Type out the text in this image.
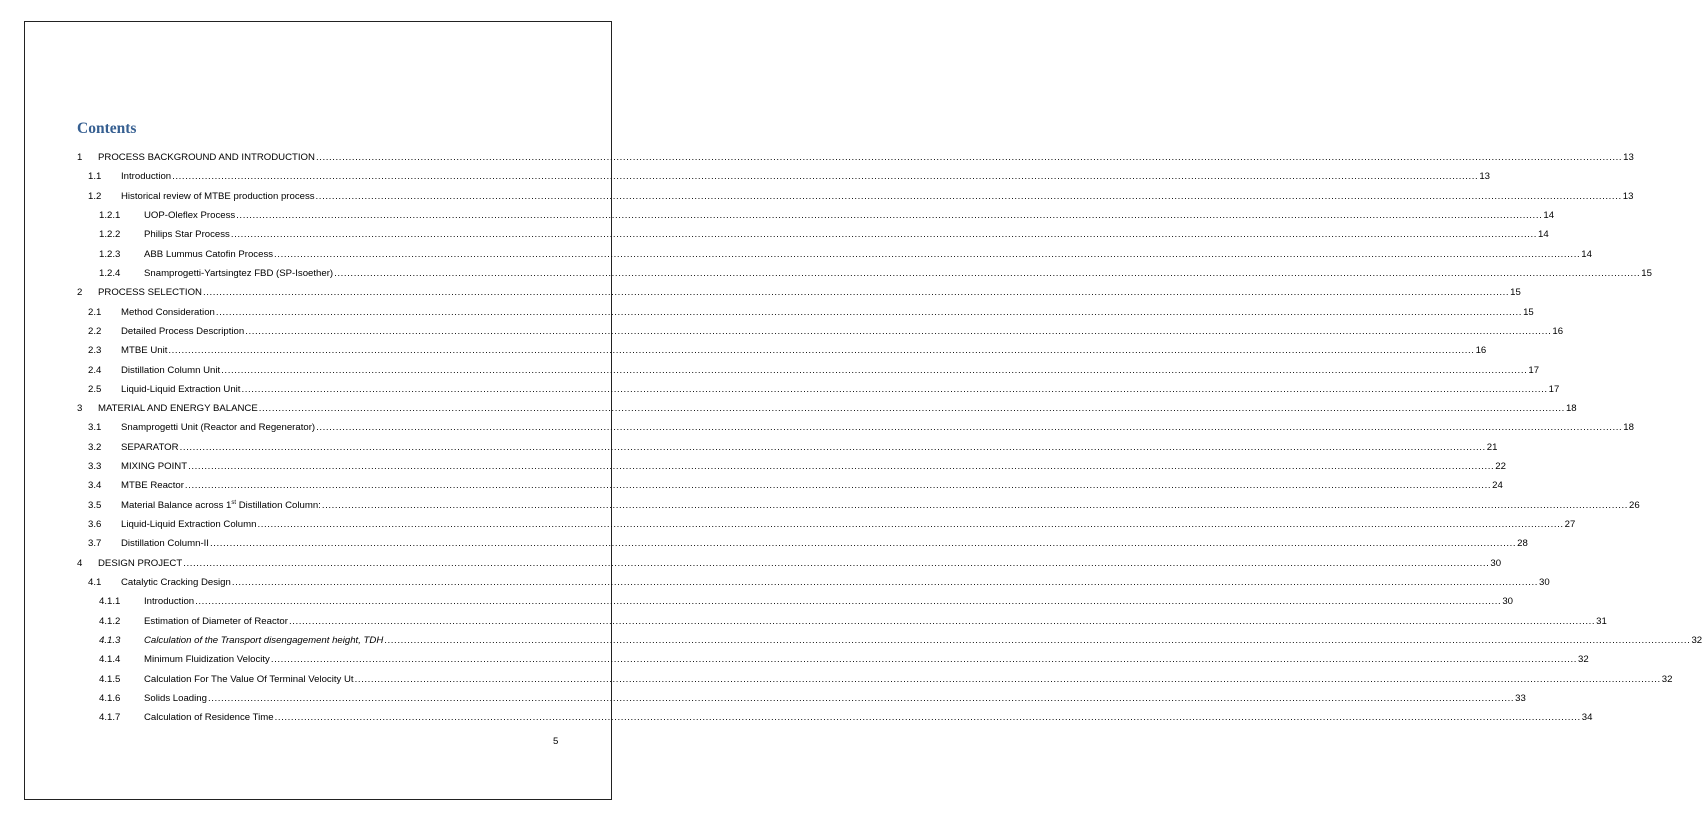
Contents
1 PROCESS BACKGROUND AND INTRODUCTION ................................................................................................................................................................................................................................................................................................................................................................................................................ 13
1.1 Introduction ................................................................................................................................................................................................................................................................................................................................................................................................................ 13
1.2 Historical review of MTBE production process ................................................................................................................................................................................................................................................................................................................................................................................................................ 13
1.2.1 UOP-Oleflex Process ................................................................................................................................................................................................................................................................................................................................................................................................................ 14
1.2.2 Philips Star Process ................................................................................................................................................................................................................................................................................................................................................................................................................ 14
1.2.3 ABB Lummus Catofin Process ................................................................................................................................................................................................................................................................................................................................................................................................................ 14
1.2.4 Snamprogetti-Yartsingtez FBD (SP-Isoether) ................................................................................................................................................................................................................................................................................................................................................................................................................ 15
2 PROCESS SELECTION ................................................................................................................................................................................................................................................................................................................................................................................................................ 15
2.1 Method Consideration ................................................................................................................................................................................................................................................................................................................................................................................................................ 15
2.2 Detailed Process Description ................................................................................................................................................................................................................................................................................................................................................................................................................ 16
2.3 MTBE Unit ................................................................................................................................................................................................................................................................................................................................................................................................................ 16
2.4 Distillation Column Unit ................................................................................................................................................................................................................................................................................................................................................................................................................ 17
2.5 Liquid-Liquid Extraction Unit ................................................................................................................................................................................................................................................................................................................................................................................................................ 17
3 MATERIAL AND ENERGY BALANCE ................................................................................................................................................................................................................................................................................................................................................................................................................ 18
3.1 Snamprogetti Unit (Reactor and Regenerator) ................................................................................................................................................................................................................................................................................................................................................................................................................ 18
3.2 SEPARATOR ................................................................................................................................................................................................................................................................................................................................................................................................................ 21
3.3 MIXING POINT ................................................................................................................................................................................................................................................................................................................................................................................................................ 22
3.4 MTBE Reactor ................................................................................................................................................................................................................................................................................................................................................................................................................ 24
3.5 Material Balance across 1st Distillation Column: ................................................................................................................................................................................................................................................................................................................................................................................................................ 26
3.6 Liquid-Liquid Extraction Column ................................................................................................................................................................................................................................................................................................................................................................................................................ 27
3.7 Distillation Column-II ................................................................................................................................................................................................................................................................................................................................................................................................................ 28
4 DESIGN PROJECT ................................................................................................................................................................................................................................................................................................................................................................................................................ 30
4.1 Catalytic Cracking Design ................................................................................................................................................................................................................................................................................................................................................................................................................ 30
4.1.1 Introduction ................................................................................................................................................................................................................................................................................................................................................................................................................ 30
4.1.2 Estimation of Diameter of Reactor ................................................................................................................................................................................................................................................................................................................................................................................................................ 31
4.1.3 Calculation of the Transport disengagement height, TDH ................................................................................................................................................................................................................................................................................................................................................................................................................ 32
4.1.4 Minimum Fluidization Velocity ................................................................................................................................................................................................................................................................................................................................................................................................................ 32
4.1.5 Calculation For The Value Of Terminal Velocity Ut ................................................................................................................................................................................................................................................................................................................................................................................................................ 32
4.1.6 Solids Loading ................................................................................................................................................................................................................................................................................................................................................................................................................ 33
4.1.7 Calculation of Residence Time ................................................................................................................................................................................................................................................................................................................................................................................................................ 34
5
